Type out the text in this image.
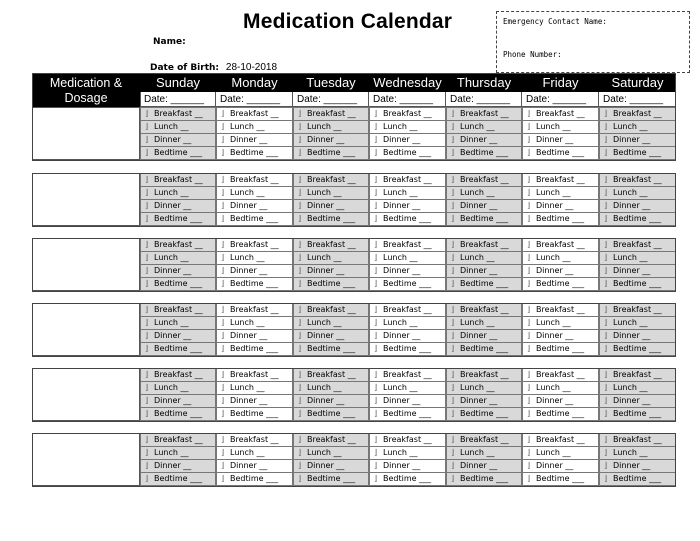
Medication Calendar
Name:
Date of Birth: 28-10-2018
Emergency Contact Name:
Phone Number:
Medication & Dosage
Sunday
Date: ______
Monday
Date: ______
Tuesday
Date: ______
Wednesday
Date: ______
Thursday
Date: ______
Friday
Date: ______
Saturday
Date: ______
⌋ Breakfast __
⌋ Lunch __
⌋ Dinner __
⌋ Bedtime ___
⌋ Breakfast __
⌋ Lunch __
⌋ Dinner __
⌋ Bedtime ___
⌋ Breakfast __
⌋ Lunch __
⌋ Dinner __
⌋ Bedtime ___
⌋ Breakfast __
⌋ Lunch __
⌋ Dinner __
⌋ Bedtime ___
⌋ Breakfast __
⌋ Lunch __
⌋ Dinner __
⌋ Bedtime ___
⌋ Breakfast __
⌋ Lunch __
⌋ Dinner __
⌋ Bedtime ___
⌋ Breakfast __
⌋ Lunch __
⌋ Dinner __
⌋ Bedtime ___
⌋ Breakfast __
⌋ Lunch __
⌋ Dinner __
⌋ Bedtime ___
⌋ Breakfast __
⌋ Lunch __
⌋ Dinner __
⌋ Bedtime ___
⌋ Breakfast __
⌋ Lunch __
⌋ Dinner __
⌋ Bedtime ___
⌋ Breakfast __
⌋ Lunch __
⌋ Dinner __
⌋ Bedtime ___
⌋ Breakfast __
⌋ Lunch __
⌋ Dinner __
⌋ Bedtime ___
⌋ Breakfast __
⌋ Lunch __
⌋ Dinner __
⌋ Bedtime ___
⌋ Breakfast __
⌋ Lunch __
⌋ Dinner __
⌋ Bedtime ___
⌋ Breakfast __
⌋ Lunch __
⌋ Dinner __
⌋ Bedtime ___
⌋ Breakfast __
⌋ Lunch __
⌋ Dinner __
⌋ Bedtime ___
⌋ Breakfast __
⌋ Lunch __
⌋ Dinner __
⌋ Bedtime ___
⌋ Breakfast __
⌋ Lunch __
⌋ Dinner __
⌋ Bedtime ___
⌋ Breakfast __
⌋ Lunch __
⌋ Dinner __
⌋ Bedtime ___
⌋ Breakfast __
⌋ Lunch __
⌋ Dinner __
⌋ Bedtime ___
⌋ Breakfast __
⌋ Lunch __
⌋ Dinner __
⌋ Bedtime ___
⌋ Breakfast __
⌋ Lunch __
⌋ Dinner __
⌋ Bedtime ___
⌋ Breakfast __
⌋ Lunch __
⌋ Dinner __
⌋ Bedtime ___
⌋ Breakfast __
⌋ Lunch __
⌋ Dinner __
⌋ Bedtime ___
⌋ Breakfast __
⌋ Lunch __
⌋ Dinner __
⌋ Bedtime ___
⌋ Breakfast __
⌋ Lunch __
⌋ Dinner __
⌋ Bedtime ___
⌋ Breakfast __
⌋ Lunch __
⌋ Dinner __
⌋ Bedtime ___
⌋ Breakfast __
⌋ Lunch __
⌋ Dinner __
⌋ Bedtime ___
⌋ Breakfast __
⌋ Lunch __
⌋ Dinner __
⌋ Bedtime ___
⌋ Breakfast __
⌋ Lunch __
⌋ Dinner __
⌋ Bedtime ___
⌋ Breakfast __
⌋ Lunch __
⌋ Dinner __
⌋ Bedtime ___
⌋ Breakfast __
⌋ Lunch __
⌋ Dinner __
⌋ Bedtime ___
⌋ Breakfast __
⌋ Lunch __
⌋ Dinner __
⌋ Bedtime ___
⌋ Breakfast __
⌋ Lunch __
⌋ Dinner __
⌋ Bedtime ___
⌋ Breakfast __
⌋ Lunch __
⌋ Dinner __
⌋ Bedtime ___
⌋ Breakfast __
⌋ Lunch __
⌋ Dinner __
⌋ Bedtime ___
⌋ Breakfast __
⌋ Lunch __
⌋ Dinner __
⌋ Bedtime ___
⌋ Breakfast __
⌋ Lunch __
⌋ Dinner __
⌋ Bedtime ___
⌋ Breakfast __
⌋ Lunch __
⌋ Dinner __
⌋ Bedtime ___
⌋ Breakfast __
⌋ Lunch __
⌋ Dinner __
⌋ Bedtime ___
⌋ Breakfast __
⌋ Lunch __
⌋ Dinner __
⌋ Bedtime ___
⌋ Breakfast __
⌋ Lunch __
⌋ Dinner __
⌋ Bedtime ___
